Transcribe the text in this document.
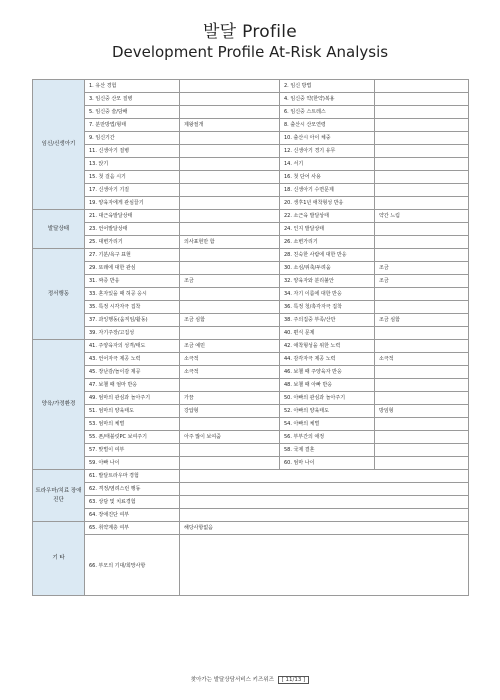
발달 Profile
Development Profile At-Risk Analysis
임신/신생아기	1. 유산 경험		2. 임신 방법	
	3. 임신중 산모 질병		4. 임신중 약(한약)복용	
	5. 임신중 술/담배		6. 임신중 스트레스	
	7. 분만방법/형태	제왕절개	8. 출산시 산모연령	
	9. 임신기간		10. 출산시 아이 체중	
	11. 신생아기 질병		12. 신생아기 경기 유무	
	13. 앉기		14. 서기	
	15. 첫 걸음 시기		16. 첫 단어 사용	
	17. 신생아기 기질		18. 신생아기 수면문제	
	19. 양육자에게 관심끌기		20. 생후1년 애착형성 반응	
발달상태	21. 대근육발달상태		22. 소근육 발달상태	약간 느림
	23. 언어발달상태		24. 인지 발달상태	
	25. 대변가리기	의사표현만 함	26. 소변가리기	
정서행동	27. 기분/욕구 표현		28. 친숙한 사람에 대한 반응	
	29. 또래에 대한 관심		30. 소심/위축/두려움	조금
	31. 짜증 반응	조금	32. 양육자와 분리불안	조금
	33. 혼자있을 때 허공 응시		34. 자기 이름에 대한 반응	
	35. 특정 시각자극 집착		36. 특정 청/촉각자극 집착	
	37. 과잉행동(움직임/활동)	조금 심함	38. 주의집중 부족/산만	조금 심함
	39. 자기주장/고집성		40. 편식 문제	
양육/가정환경	41. 주양육자의 성격/태도	조금 예민	42. 애착형성을 위한 노력	
	43. 언어자극 제공 노력	소극적	44. 감각자극 제공 노력	소극적
	45. 장난감/놀이감 제공	소극적	46. 보챌 때 주양육자 반응	
	47. 보챌 때 엄마 반응		48. 보챌 때 아빠 반응	
	49. 엄마의 관심과 놀아주기	가끔	50. 아빠의 관심과 놀아주기	
	51. 엄마의 양육태도	강압형	52. 아빠의 양육태도	방임형
	53. 엄마의 체벌		54. 아빠의 체벌	
	55. 폰/태블릿PC 보여주기	아주 많이 보여줌	56. 부부간의 애정	
	57. 맞벌이 여부		58. 국제 결혼	
	59. 아빠 나이		60. 엄마 나이	
트라우마/치료 장애진단	61. 발달트라우마 경험			
	62. 격정/염려스런 행동			
	63. 상담 및 치료경험			
	64. 장애진단 여부			
기 타	65. 취약계층 여부	해당사항없음		
	66. 부모의 기대/희망사항			
찾아가는 발달상담서비스 키즈위즈 [ 11/13 ]
